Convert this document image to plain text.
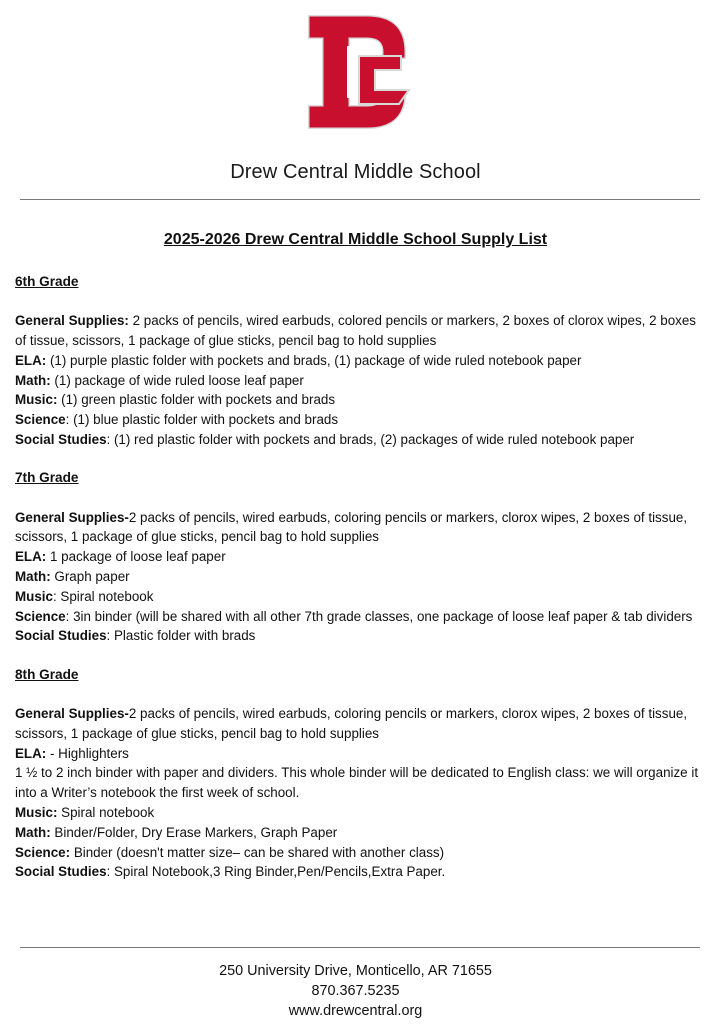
Drew Central Middle School
2025-2026 Drew Central Middle School Supply List
6th Grade

General Supplies: 2 packs of pencils, wired earbuds, colored pencils or markers, 2 boxes of clorox wipes, 2 boxes of tissue, scissors, 1 package of glue sticks, pencil bag to hold supplies

ELA: (1) purple plastic folder with pockets and brads, (1) package of wide ruled notebook paper

Math: (1) package of wide ruled loose leaf paper

Music: (1) green plastic folder with pockets and brads

Science: (1) blue plastic folder with pockets and brads

Social Studies: (1) red plastic folder with pockets and brads, (2) packages of wide ruled notebook paper

7th Grade

General Supplies-2 packs of pencils, wired earbuds, coloring pencils or markers, clorox wipes, 2 boxes of tissue, scissors, 1 package of glue sticks, pencil bag to hold supplies

ELA: 1 package of loose leaf paper

Math: Graph paper

Music: Spiral notebook

Science: 3in binder (will be shared with all other 7th grade classes, one package of loose leaf paper & tab dividers

Social Studies: Plastic folder with brads

8th Grade

General Supplies-2 packs of pencils, wired earbuds, coloring pencils or markers, clorox wipes, 2 boxes of tissue, scissors, 1 package of glue sticks, pencil bag to hold supplies

ELA: - Highlighters

1 ½ to 2 inch binder with paper and dividers. This whole binder will be dedicated to English class: we will organize it into a Writer’s notebook the first week of school.

Music: Spiral notebook

Math: Binder/Folder, Dry Erase Markers, Graph Paper

Science: Binder (doesn't matter size– can be shared with another class)

Social Studies: Spiral Notebook,3 Ring Binder,Pen/Pencils,Extra Paper.

250 University Drive, Monticello, AR 71655
870.367.5235
www.drewcentral.org
